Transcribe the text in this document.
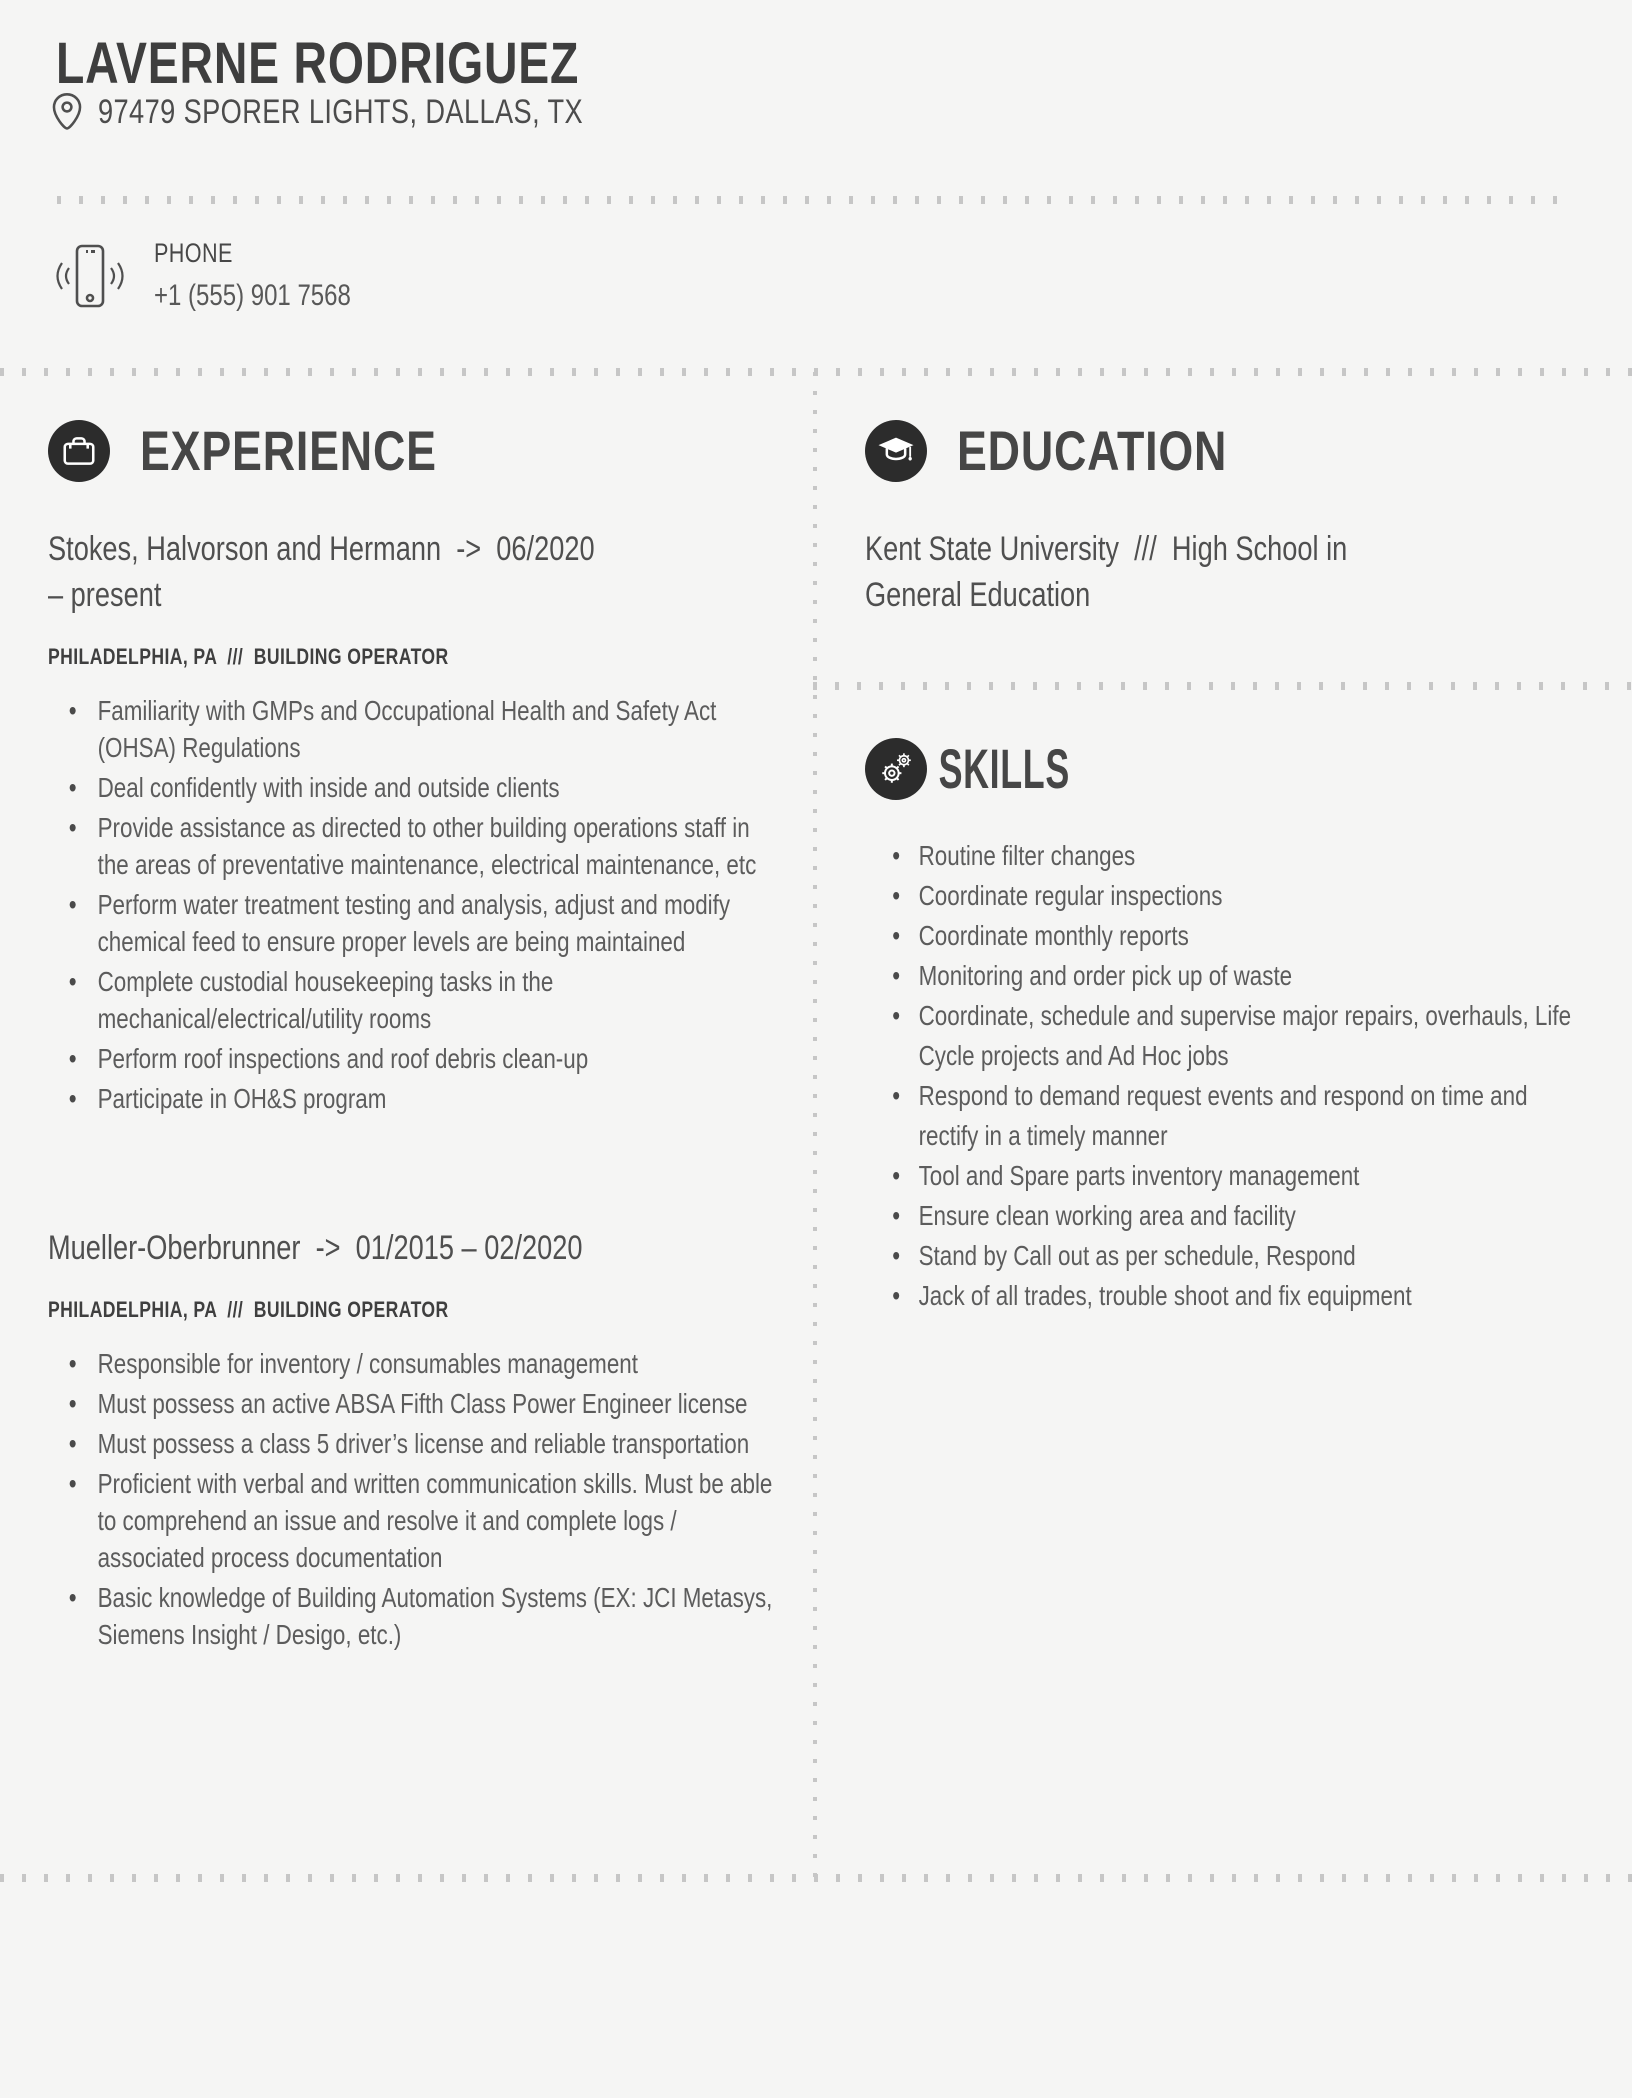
LAVERNE RODRIGUEZ
97479 SPORER LIGHTS, DALLAS, TX
PHONE
+1 (555) 901 7568
EXPERIENCE
Stokes, Halvorson and Hermann  ->  06/2020
– present
PHILADELPHIA, PA  ///  BUILDING OPERATOR
• Familiarity with GMPs and Occupational Health and Safety Act (OHSA) Regulations
• Deal confidently with inside and outside clients
• Provide assistance as directed to other building operations staff in the areas of preventative maintenance, electrical maintenance, etc
• Perform water treatment testing and analysis, adjust and modify chemical feed to ensure proper levels are being maintained
• Complete custodial housekeeping tasks in the mechanical/electrical/utility rooms
• Perform roof inspections and roof debris clean-up
• Participate in OH&S program
Mueller-Oberbrunner  ->  01/2015 – 02/2020
PHILADELPHIA, PA  ///  BUILDING OPERATOR
• Responsible for inventory / consumables management
• Must possess an active ABSA Fifth Class Power Engineer license
• Must possess a class 5 driver’s license and reliable transportation
• Proficient with verbal and written communication skills. Must be able to comprehend an issue and resolve it and complete logs / associated process documentation
• Basic knowledge of Building Automation Systems (EX: JCI Metasys, Siemens Insight / Desigo, etc.)
EDUCATION
Kent State University  ///  High School in
General Education
SKILLS
• Routine filter changes
• Coordinate regular inspections
• Coordinate monthly reports
• Monitoring and order pick up of waste
• Coordinate, schedule and supervise major repairs, overhauls, Life Cycle projects and Ad Hoc jobs
• Respond to demand request events and respond on time and rectify in a timely manner
• Tool and Spare parts inventory management
• Ensure clean working area and facility
• Stand by Call out as per schedule, Respond
• Jack of all trades, trouble shoot and fix equipment
